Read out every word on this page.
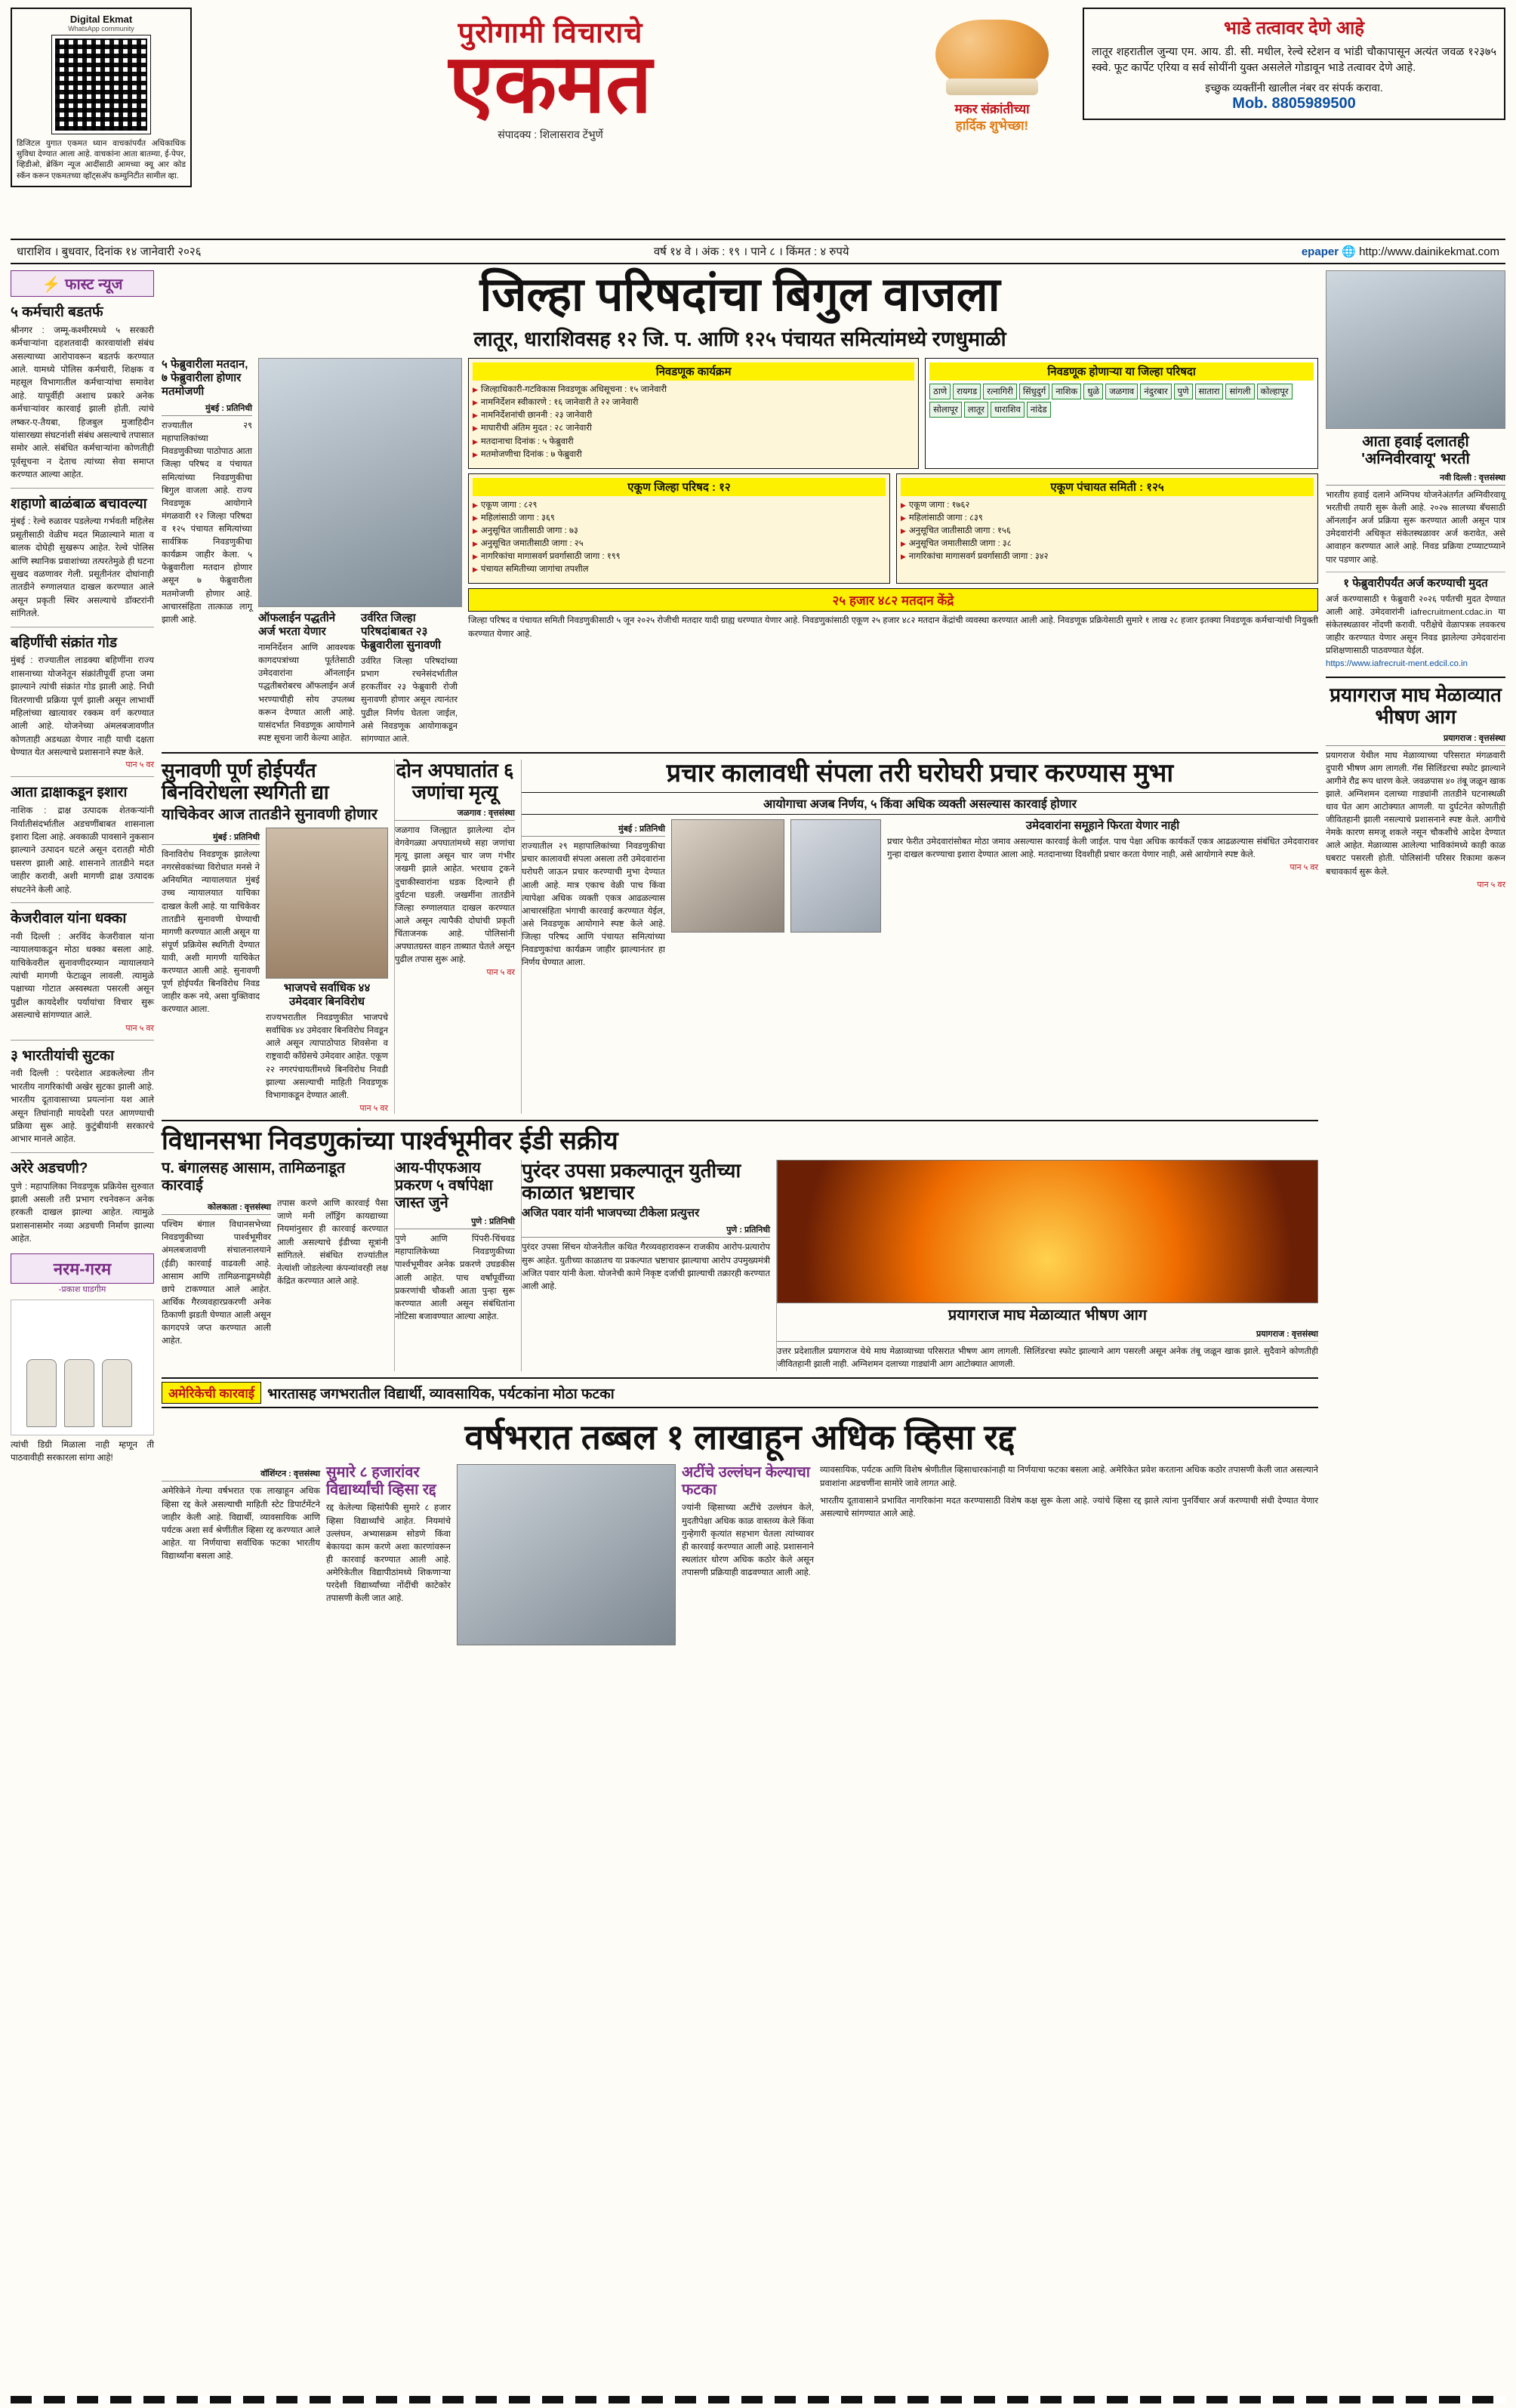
Digital Ekmat
WhatsApp community
डिजिटल युगात एकमत ध्यान वाचकांपर्यंत अधिकाधिक सुविधा देण्यात आला आहे. वाचकांना आता बातम्या, ई-पेपर, व्हिडीओ, ब्रेकिंग न्यूज आदींसाठी आमच्या क्यू आर कोड स्कॅन करून एकमतच्या व्हॉट्सअ‍ॅप कम्युनिटीत सामील व्हा.
पुरोगामी विचाराचे
एकमत
संपादक्य : शिलासराव टेंभुर्णे
मकर संक्रांतीच्या
हार्दिक शुभेच्छा!
भाडे तत्वावर देणे आहे
लातूर शहरातील जुन्या एम. आय. डी. सी. मधील, रेल्वे स्टेशन व भांडी चौकापासून अत्यंत जवळ १२३७५ स्क्वे. फूट कार्पेट एरिया व सर्व सोयींनी युक्त असलेले गोडावून भाडे तत्वावर देणे आहे.
इच्छुक व्यक्तींनी खालील नंबर वर संपर्क करावा.
Mob. 8805989500
धाराशिव । बुधवार, दिनांक १४ जानेवारी २०२६	वर्ष १४ वे । अंक : १९ । पाने ८ । किंमत : ४ रुपये	epaper 🌐 http://www.dainikekmat.com
⚡ फास्ट न्यूज
५ कर्मचारी बडतर्फ
श्रीनगर : जम्मू-कश्मीरमध्ये ५ सरकारी कर्मचाऱ्यांना दहशतवादी कारवायांशी संबंध असल्याच्या आरोपावरून बडतर्फ करण्यात आले. यामध्ये पोलिस कर्मचारी, शिक्षक व महसूल विभागातील कर्मचाऱ्यांचा समावेश आहे. यापूर्वीही अशाच प्रकारे अनेक कर्मचाऱ्यांवर कारवाई झाली होती. त्यांचे लष्कर-ए-तैयबा, हिजबुल मुजाहिदीन यांसारख्या संघटनांशी संबंध असल्याचे तपासात समोर आले. संबंधित कर्मचाऱ्यांना कोणतीही पूर्वसूचना न देताच त्यांच्या सेवा समाप्त करण्यात आल्या आहेत.
शहाणो बाळंबाळ बचावल्या
मुंबई : रेल्वे रुळावर पडलेल्या गर्भवती महिलेस प्रसूतीसाठी वेळीच मदत मिळाल्याने माता व बालक दोघेही सुखरूप आहेत. रेल्वे पोलिस आणि स्थानिक प्रवाशांच्या तत्परतेमुळे ही घटना सुखद वळणावर गेली. प्रसूतीनंतर दोघांनाही तातडीने रुग्णालयात दाखल करण्यात आले असून प्रकृती स्थिर असल्याचे डॉक्टरांनी सांगितले.
बहिणींची संक्रांत गोड
मुंबई : राज्यातील लाडक्या बहिणींना राज्य शासनाच्या योजनेतून संक्रांतीपूर्वी हप्ता जमा झाल्याने त्यांची संक्रांत गोड झाली आहे. निधी वितरणाची प्रक्रिया पूर्ण झाली असून लाभार्थी महिलांच्या खात्यावर रक्कम वर्ग करण्यात आली आहे. योजनेच्या अंमलबजावणीत कोणताही अडथळा येणार नाही याची दक्षता घेण्यात येत असल्याचे प्रशासनाने स्पष्ट केले.
पान ५ वर
आता द्राक्षाकडून इशारा
नाशिक : द्राक्ष उत्पादक शेतकऱ्यांनी निर्यातीसंदर्भातील अडचणींबाबत शासनाला इशारा दिला आहे. अवकाळी पावसाने नुकसान झाल्याने उत्पादन घटले असून दरातही मोठी घसरण झाली आहे. शासनाने तातडीने मदत जाहीर करावी, अशी मागणी द्राक्ष उत्पादक संघटनेने केली आहे.
केजरीवाल यांना धक्का
नवी दिल्ली : अरविंद केजरीवाल यांना न्यायालयाकडून मोठा धक्का बसला आहे. याचिकेवरील सुनावणीदरम्यान न्यायालयाने त्यांची मागणी फेटाळून लावली. त्यामुळे पक्षाच्या गोटात अस्वस्थता पसरली असून पुढील कायदेशीर पर्यायांचा विचार सुरू असल्याचे सांगण्यात आले.
पान ५ वर
३ भारतीयांची सुटका
नवी दिल्ली : परदेशात अडकलेल्या तीन भारतीय नागरिकांची अखेर सुटका झाली आहे. भारतीय दूतावासाच्या प्रयत्नांना यश आले असून तिघांनाही मायदेशी परत आणण्याची प्रक्रिया सुरू आहे. कुटुंबीयांनी सरकारचे आभार मानले आहेत.
अरेरे अडचणी?
पुणे : महापालिका निवडणूक प्रक्रियेस सुरुवात झाली असली तरी प्रभाग रचनेवरून अनेक हरकती दाखल झाल्या आहेत. त्यामुळे प्रशासनासमोर नव्या अडचणी निर्माण झाल्या आहेत.
नरम-गरम
-प्रकाश घाडगीम
त्यांची डिग्री मिळाला नाही म्हणून ती पाठवावीही सरकारला सांगा आहे!
जिल्हा परिषदांचा बिगुल वाजला
लातूर, धाराशिवसह १२ जि. प. आणि १२५ पंचायत समित्यांमध्ये रणधुमाळी
५ फेब्रुवारीला मतदान, ७ फेब्रुवारीला होणार मतमोजणी
मुंबई : प्रतिनिधी
राज्यातील २९ महापालिकांच्या निवडणुकीच्या पाठोपाठ आता जिल्हा परिषद व पंचायत समित्यांच्या निवडणुकीचा बिगुल वाजला आहे. राज्य निवडणूक आयोगाने मंगळवारी १२ जिल्हा परिषदा व १२५ पंचायत समित्यांच्या सार्वत्रिक निवडणुकीचा कार्यक्रम जाहीर केला. ५ फेब्रुवारीला मतदान होणार असून ७ फेब्रुवारीला मतमोजणी होणार आहे. आचारसंहिता तात्काळ लागू झाली आहे.	ऑफलाईन पद्धतीने अर्ज भरता येणार
नामनिर्देशन आणि आवश्यक कागदपत्रांच्या पूर्ततेसाठी उमेदवारांना ऑनलाईन पद्धतीबरोबरच ऑफलाईन अर्ज भरण्याचीही सोय उपलब्ध करून देण्यात आली आहे. यासंदर्भात निवडणूक आयोगाने स्पष्ट सूचना जारी केल्या आहेत.
उर्वरित जिल्हा परिषदांबाबत २३ फेब्रुवारीला सुनावणी
उर्वरित जिल्हा परिषदांच्या प्रभाग रचनेसंदर्भातील हरकतींवर २३ फेब्रुवारी रोजी सुनावणी होणार असून त्यानंतर पुढील निर्णय घेतला जाईल, असे निवडणूक आयोगाकडून सांगण्यात आले.
निवडणूक कार्यक्रम
▶ जिल्हाधिकारी-गटविकास निवडणूक अधिसूचना : १५ जानेवारी
▶ नामनिर्देशन स्वीकारणे : १६ जानेवारी ते २२ जानेवारी
▶ नामनिर्देशनांची छाननी : २३ जानेवारी
▶ माघारीची अंतिम मुदत : २८ जानेवारी
▶ मतदानाचा दिनांक : ५ फेब्रुवारी
▶ मतमोजणीचा दिनांक : ७ फेब्रुवारी
निवडणूक होणाऱ्या या जिल्हा परिषदा
ठाणे	रायगड	रत्नागिरी	सिंधुदुर्ग	नाशिक	धुळे	जळगाव	नंदुरबार	पुणे	सातारा	सांगली	कोल्हापूर
सोलापूर	लातूर	धाराशिव	नांदेड
एकूण जिल्हा परिषद : १२
▶ एकूण जागा : ८२९
▶ महिलांसाठी जागा : ३६९
▶ अनुसूचित जातीसाठी जागा : ७३
▶ अनुसूचित जमातीसाठी जागा : २५
▶ नागरिकांचा मागासवर्ग प्रवर्गासाठी जागा : १९९
▶ पंचायत समितीच्या जागांचा तपशील
एकूण पंचायत समिती : १२५
▶ एकूण जागा : १७६२
▶ महिलांसाठी जागा : ८३९
▶ अनुसूचित जातीसाठी जागा : १५६
▶ अनुसूचित जमातीसाठी जागा : ३८
▶ नागरिकांचा मागासवर्ग प्रवर्गासाठी जागा : ३४२
२५ हजार ४८२ मतदान केंद्रे
जिल्हा परिषद व पंचायत समिती निवडणुकीसाठी ५ जून २०२५ रोजीची मतदार यादी ग्राह्य धरण्यात येणार आहे. निवडणुकांसाठी एकूण २५ हजार ४८२ मतदान केंद्रांची व्यवस्था करण्यात आली आहे. निवडणूक प्रक्रियेसाठी सुमारे १ लाख २८ हजार इतक्या निवडणूक कर्मचाऱ्यांची नियुक्ती करण्यात येणार आहे.
सुनावणी पूर्ण होईपर्यंत बिनविरोधला स्थगिती द्या
याचिकेवर आज तातडीने सुनावणी होणार
मुंबई : प्रतिनिधी
विनाविरोध निवडणूक झालेल्या नगरसेवकांच्या विरोधात मनसे ने अनियमित न्यायालयात मुंबई उच्च न्यायालयात याचिका दाखल केली आहे. या याचिकेवर तातडीने सुनावणी घेण्याची मागणी करण्यात आली असून या संपूर्ण प्रक्रियेस स्थगिती देण्यात यावी, अशी मागणी याचिकेत करण्यात आली आहे. सुनावणी पूर्ण होईपर्यंत बिनविरोध निवड जाहीर करू नये, असा युक्तिवाद करण्यात आला.
भाजपचे सर्वाधिक ४४ उमेदवार बिनविरोध
राज्यभरातील निवडणुकीत भाजपचे सर्वाधिक ४४ उमेदवार बिनविरोध निवडून आले असून त्यापाठोपाठ शिवसेना व राष्ट्रवादी काँग्रेसचे उमेदवार आहेत. एकूण २२ नगरपंचायतींमध्ये बिनविरोध निवडी झाल्या असल्याची माहिती निवडणूक विभागाकडून देण्यात आली.
पान ५ वर
दोन अपघातांत ६ जणांचा मृत्यू
जळगाव : वृत्तसंस्था
जळगाव जिल्ह्यात झालेल्या दोन वेगवेगळ्या अपघातांमध्ये सहा जणांचा मृत्यू झाला असून चार जण गंभीर जखमी झाले आहेत. भरधाव ट्रकने दुचाकीस्वारांना धडक दिल्याने ही दुर्घटना घडली. जखमींना तातडीने जिल्हा रुग्णालयात दाखल करण्यात आले असून त्यापैकी दोघांची प्रकृती चिंताजनक आहे. पोलिसांनी अपघातग्रस्त वाहन ताब्यात घेतले असून पुढील तपास सुरू आहे.
पान ५ वर
प्रचार कालावधी संपला तरी घरोघरी प्रचार करण्यास मुभा
आयोगाचा अजब निर्णय, ५ किंवा अधिक व्यक्ती असल्यास कारवाई होणार
मुंबई : प्रतिनिधी
राज्यातील २९ महापालिकांच्या निवडणुकीचा प्रचार कालावधी संपला असला तरी उमेदवारांना घरोघरी जाऊन प्रचार करण्याची मुभा देण्यात आली आहे. मात्र एकाच वेळी पाच किंवा त्यापेक्षा अधिक व्यक्ती एकत्र आढळल्यास आचारसंहिता भंगाची कारवाई करण्यात येईल, असे निवडणूक आयोगाने स्पष्ट केले आहे. जिल्हा परिषद आणि पंचायत समित्यांच्या निवडणुकांचा कार्यक्रम जाहीर झाल्यानंतर हा निर्णय घेण्यात आला.
उमेदवारांना समूहाने फिरता येणार नाही
प्रचार फेरीत उमेदवारांसोबत मोठा जमाव असल्यास कारवाई केली जाईल. पाच पेक्षा अधिक कार्यकर्ते एकत्र आढळल्यास संबंधित उमेदवारावर गुन्हा दाखल करण्याचा इशारा देण्यात आला आहे. मतदानाच्या दिवशीही प्रचार करता येणार नाही, असे आयोगाने स्पष्ट केले.
पान ५ वर
विधानसभा निवडणुकांच्या पार्श्वभूमीवर ईडी सक्रीय
प. बंगालसह आसाम, तामिळनाडूत कारवाई
कोलकाता : वृत्तसंस्था
पश्चिम बंगाल विधानसभेच्या निवडणुकीच्या पार्श्वभूमीवर अंमलबजावणी संचालनालयाने (ईडी) कारवाई वाढवली आहे. आसाम आणि तामिळनाडूमध्येही छापे टाकण्यात आले आहेत. आर्थिक गैरव्यवहारप्रकरणी अनेक ठिकाणी झडती घेण्यात आली असून कागदपत्रे जप्त करण्यात आली आहेत.
तपास करणे आणि कारवाई पैसा जाणे मनी लाँड्रिंग कायद्याच्या नियमांनुसार ही कारवाई करण्यात आली असल्याचे ईडीच्या सूत्रांनी सांगितले. संबंधित राज्यांतील नेत्यांशी जोडलेल्या कंपन्यांवरही लक्ष केंद्रित करण्यात आले आहे.
आय-पीएफआय प्रकरण ५ वर्षापेक्षा जास्त जुने
पुणे : प्रतिनिधी
पुणे आणि पिंपरी-चिंचवड महापालिकेच्या निवडणुकीच्या पार्श्वभूमीवर अनेक प्रकरणे उघडकीस आली आहेत. पाच वर्षांपूर्वीच्या प्रकरणांची चौकशी आता पुन्हा सुरू करण्यात आली असून संबंधितांना नोटिसा बजावण्यात आल्या आहेत.
पुरंदर उपसा प्रकल्पातून युतीच्या काळात भ्रष्टाचार
अजित पवार यांनी भाजपच्या टीकेला प्रत्युत्तर
पुणे : प्रतिनिधी
पुरंदर उपसा सिंचन योजनेतील कथित गैरव्यवहारावरून राजकीय आरोप-प्रत्यारोप सुरू आहेत. युतीच्या काळातच या प्रकल्पात भ्रष्टाचार झाल्याचा आरोप उपमुख्यमंत्री अजित पवार यांनी केला. योजनेची कामे निकृष्ट दर्जाची झाल्याची तक्रारही करण्यात आली आहे.
प्रयागराज माघ मेळाव्यात भीषण आग
प्रयागराज : वृत्तसंस्था
उत्तर प्रदेशातील प्रयागराज येथे माघ मेळाव्याच्या परिसरात भीषण आग लागली. सिलिंडरचा स्फोट झाल्याने आग पसरली असून अनेक तंबू जळून खाक झाले. सुदैवाने कोणतीही जीवितहानी झाली नाही. अग्निशमन दलाच्या गाड्यांनी आग आटोक्यात आणली.
अमेरिकेची कारवाई भारतासह जगभरातील विद्यार्थी, व्यावसायिक, पर्यटकांना मोठा फटका
वर्षभरात तब्बल १ लाखाहून अधिक व्हिसा रद्द
वॉशिंग्टन : वृत्तसंस्था
अमेरिकेने गेल्या वर्षभरात एक लाखाहून अधिक व्हिसा रद्द केले असल्याची माहिती स्टेट डिपार्टमेंटने जाहीर केली आहे. विद्यार्थी, व्यावसायिक आणि पर्यटक अशा सर्व श्रेणींतील व्हिसा रद्द करण्यात आले आहेत. या निर्णयाचा सर्वाधिक फटका भारतीय विद्यार्थ्यांना बसला आहे.
सुमारे ८ हजारांवर विद्यार्थ्यांची व्हिसा रद्द
रद्द केलेल्या व्हिसांपैकी सुमारे ८ हजार व्हिसा विद्यार्थ्यांचे आहेत. नियमांचे उल्लंघन, अभ्यासक्रम सोडणे किंवा बेकायदा काम करणे अशा कारणांवरून ही कारवाई करण्यात आली आहे. अमेरिकेतील विद्यापीठांमध्ये शिकणाऱ्या परदेशी विद्यार्थ्यांच्या नोंदींची काटेकोर तपासणी केली जात आहे.
अटींचे उल्लंघन केल्याचा फटका
ज्यांनी व्हिसाच्या अटींचे उल्लंघन केले, मुदतीपेक्षा अधिक काळ वास्तव्य केले किंवा गुन्हेगारी कृत्यांत सहभाग घेतला त्यांच्यावर ही कारवाई करण्यात आली आहे. प्रशासनाने स्थलांतर धोरण अधिक कठोर केले असून तपासणी प्रक्रियाही वाढवण्यात आली आहे.
व्यावसायिक, पर्यटक आणि विशेष श्रेणीतील व्हिसाधारकांनाही या निर्णयाचा फटका बसला आहे. अमेरिकेत प्रवेश करताना अधिक कठोर तपासणी केली जात असल्याने प्रवाशांना अडचणींना सामोरे जावे लागत आहे.
भारतीय दूतावासाने प्रभावित नागरिकांना मदत करण्यासाठी विशेष कक्ष सुरू केला आहे. ज्यांचे व्हिसा रद्द झाले त्यांना पुनर्विचार अर्ज करण्याची संधी देण्यात येणार असल्याचे सांगण्यात आले आहे.
आता हवाई दलातही 'अग्निवीरवायू' भरती
नवी दिल्ली : वृत्तसंस्था
भारतीय हवाई दलाने अग्निपथ योजनेअंतर्गत अग्निवीरवायू भरतीची तयारी सुरू केली आहे. २०२७ सालच्या बॅचसाठी ऑनलाईन अर्ज प्रक्रिया सुरू करण्यात आली असून पात्र उमेदवारांनी अधिकृत संकेतस्थळावर अर्ज करावेत, असे आवाहन करण्यात आले आहे. निवड प्रक्रिया टप्प्याटप्प्याने पार पडणार आहे.
१ फेब्रुवारीपर्यंत अर्ज करण्याची मुदत
अर्ज करण्यासाठी १ फेब्रुवारी २०२६ पर्यंतची मुदत देण्यात आली आहे. उमेदवारांनी iafrecruitment.cdac.in या संकेतस्थळावर नोंदणी करावी. परीक्षेचे वेळापत्रक लवकरच जाहीर करण्यात येणार असून निवड झालेल्या उमेदवारांना प्रशिक्षणासाठी पाठवण्यात येईल.
https://www.iafrecruit-ment.edcil.co.in
प्रयागराज माघ मेळाव्यात भीषण आग
प्रयागराज : वृत्तसंस्था
प्रयागराज येथील माघ मेळाव्याच्या परिसरात मंगळवारी दुपारी भीषण आग लागली. गॅस सिलिंडरचा स्फोट झाल्याने आगीने रौद्र रूप धारण केले. जवळपास ४० तंबू जळून खाक झाले. अग्निशमन दलाच्या गाड्यांनी तातडीने घटनास्थळी धाव घेत आग आटोक्यात आणली. या दुर्घटनेत कोणतीही जीवितहानी झाली नसल्याचे प्रशासनाने स्पष्ट केले. आगीचे नेमके कारण समजू शकले नसून चौकशीचे आदेश देण्यात आले आहेत. मेळाव्यास आलेल्या भाविकांमध्ये काही काळ घबराट पसरली होती. पोलिसांनी परिसर रिकामा करून बचावकार्य सुरू केले.
पान ५ वर
